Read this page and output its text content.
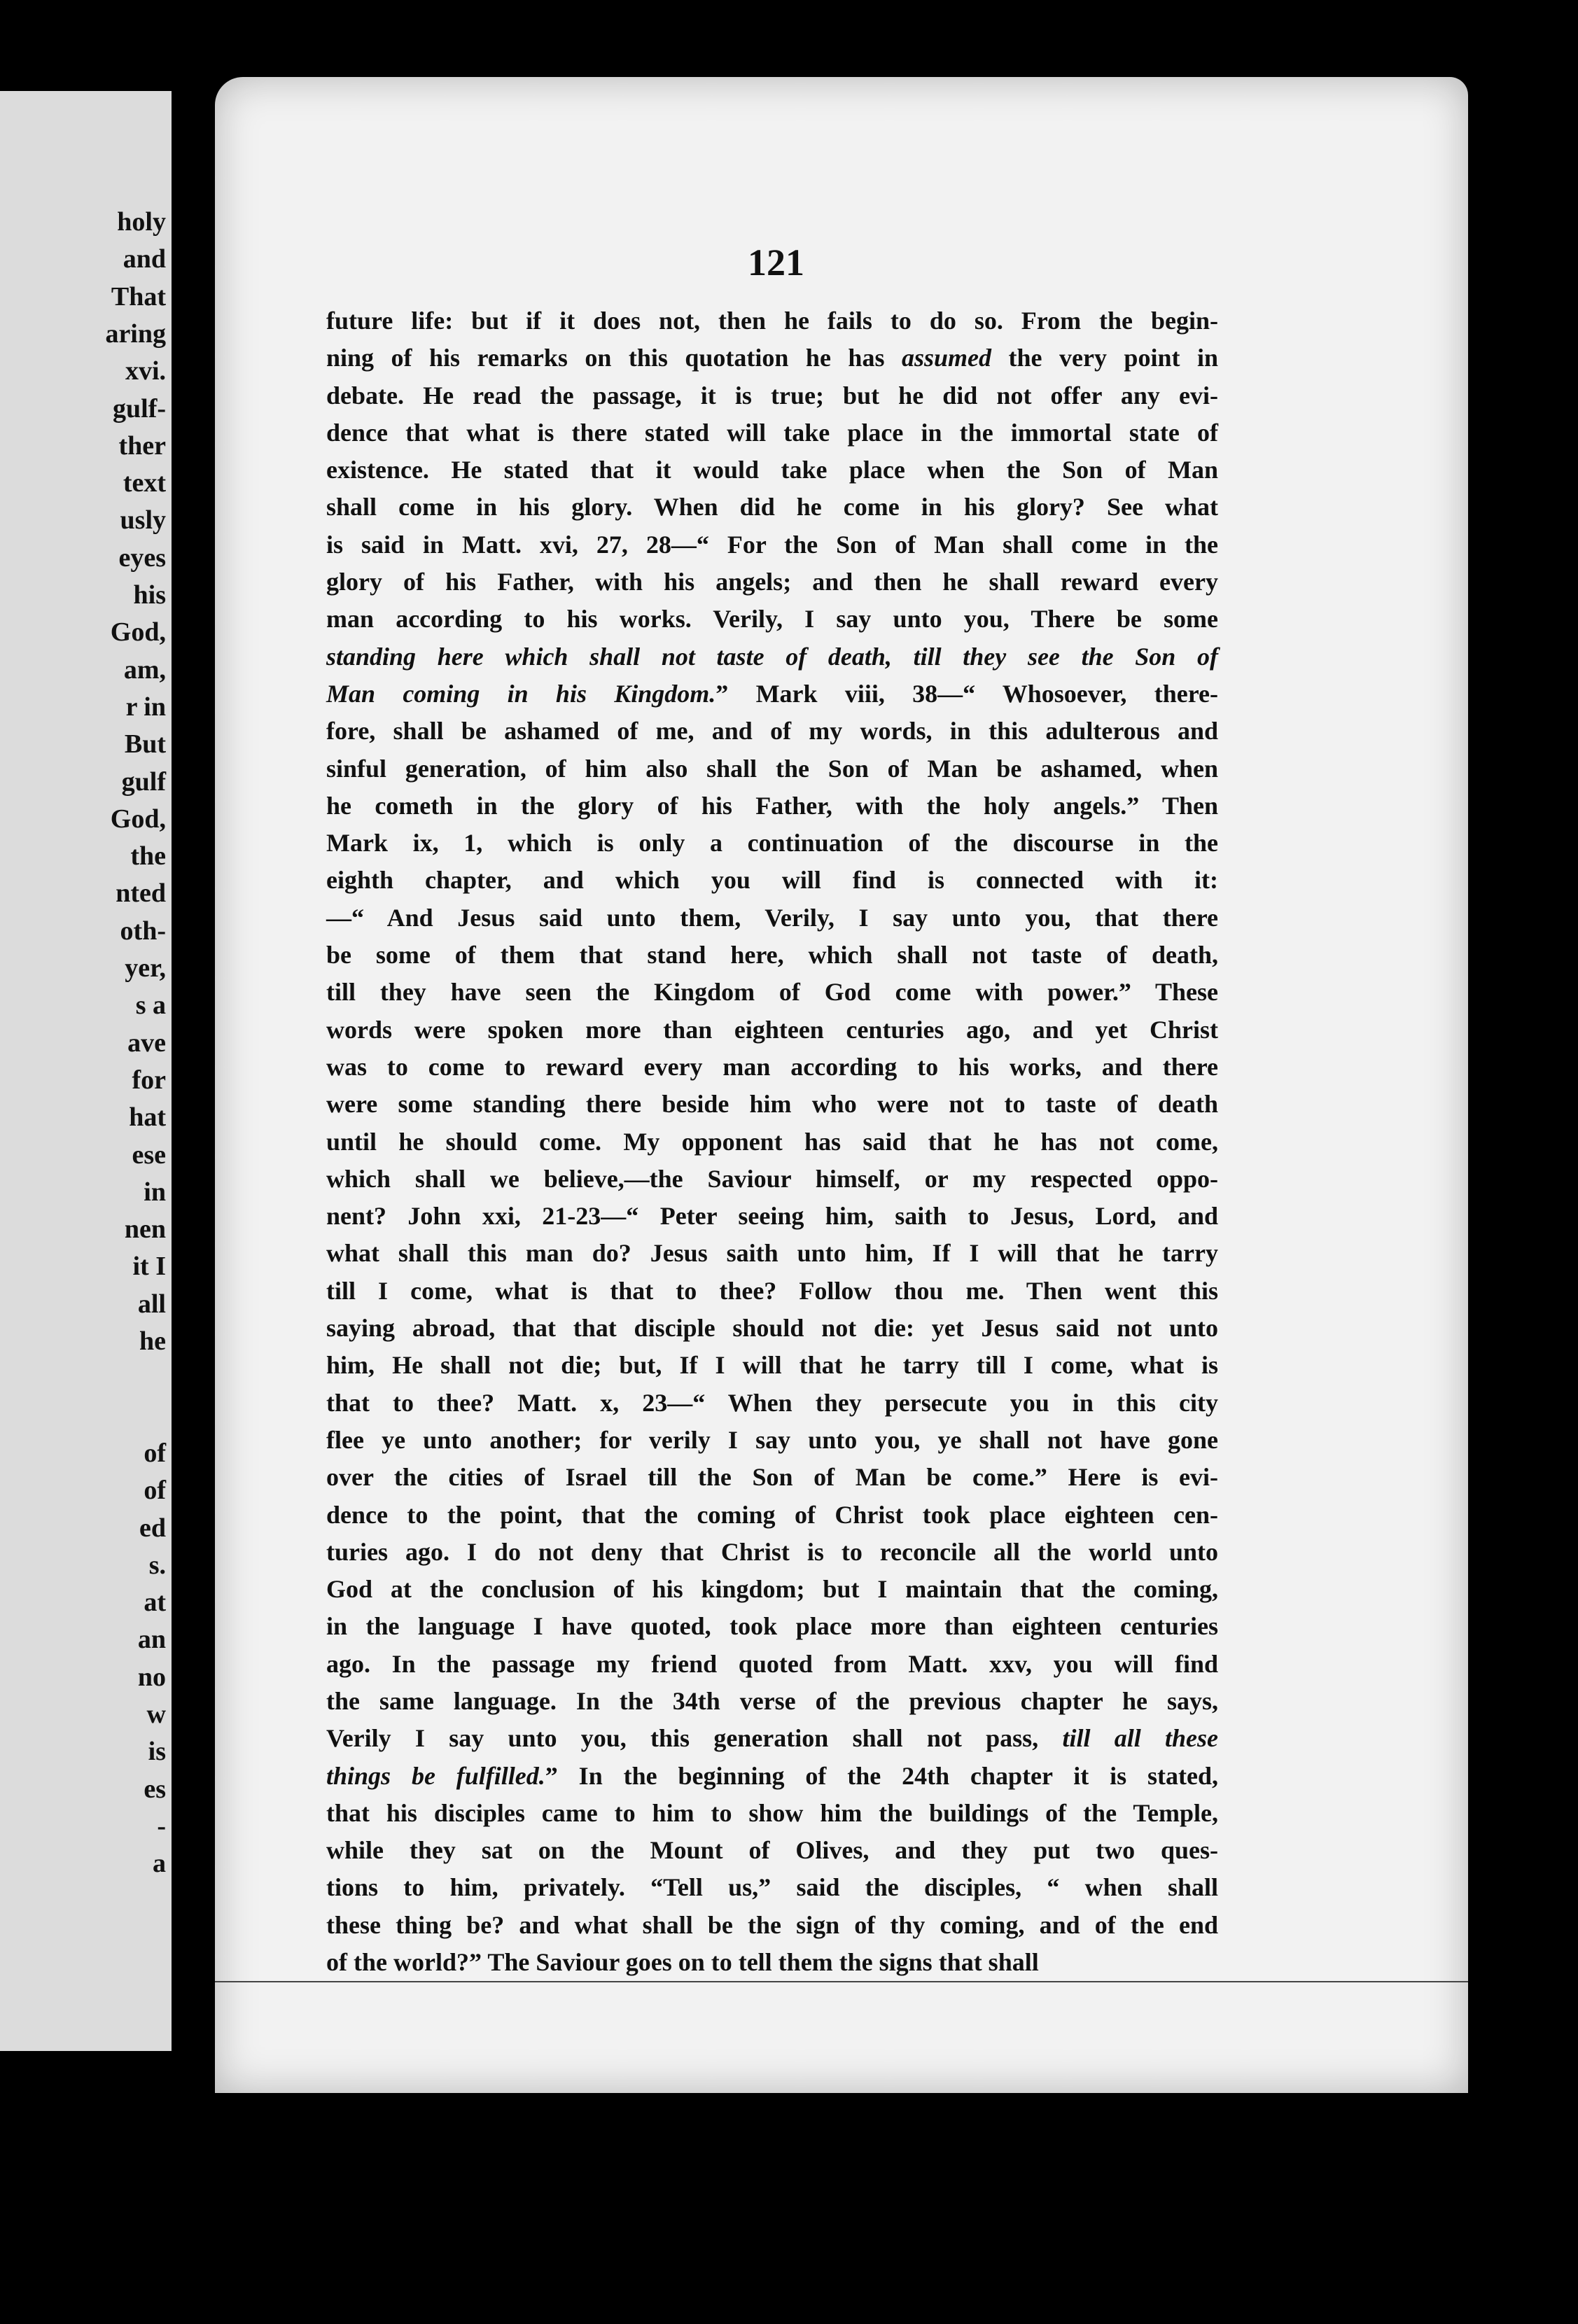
holy
and
That
aring
xvi.
gulf-
ther
text
usly
eyes
his
God,
am,
r in
But
gulf
God,
the
nted
oth-
yer,
s a
ave
for
hat
ese
in
nen
it I
all
he
of
of
ed
s.
at
an
no
w
is
es
-
a
121
future life: but if it does not, then he fails to do so. From the begin-
ning of his remarks on this quotation he has assumed the very point in
debate. He read the passage, it is true; but he did not offer any evi-
dence that what is there stated will take place in the immortal state of
existence. He stated that it would take place when the Son of Man
shall come in his glory. When did he come in his glory? See what
is said in Matt. xvi, 27, 28—“ For the Son of Man shall come in the
glory of his Father, with his angels; and then he shall reward every
man according to his works. Verily, I say unto you, There be some
standing here which shall not taste of death, till they see the Son of
Man coming in his Kingdom.” Mark viii, 38—“ Whosoever, there-
fore, shall be ashamed of me, and of my words, in this adulterous and
sinful generation, of him also shall the Son of Man be ashamed, when
he cometh in the glory of his Father, with the holy angels.” Then
Mark ix, 1, which is only a continuation of the discourse in the
eighth chapter, and which you will find is connected with it:
—“ And Jesus said unto them, Verily, I say unto you, that there
be some of them that stand here, which shall not taste of death,
till they have seen the Kingdom of God come with power.” These
words were spoken more than eighteen centuries ago, and yet Christ
was to come to reward every man according to his works, and there
were some standing there beside him who were not to taste of death
until he should come. My opponent has said that he has not come,
which shall we believe,—the Saviour himself, or my respected oppo-
nent? John xxi, 21-23—“ Peter seeing him, saith to Jesus, Lord, and
what shall this man do? Jesus saith unto him, If I will that he tarry
till I come, what is that to thee? Follow thou me. Then went this
saying abroad, that that disciple should not die: yet Jesus said not unto
him, He shall not die; but, If I will that he tarry till I come, what is
that to thee? Matt. x, 23—“ When they persecute you in this city
flee ye unto another; for verily I say unto you, ye shall not have gone
over the cities of Israel till the Son of Man be come.” Here is evi-
dence to the point, that the coming of Christ took place eighteen cen-
turies ago. I do not deny that Christ is to reconcile all the world unto
God at the conclusion of his kingdom; but I maintain that the coming,
in the language I have quoted, took place more than eighteen centuries
ago. In the passage my friend quoted from Matt. xxv, you will find
the same language. In the 34th verse of the previous chapter he says,
Verily I say unto you, this generation shall not pass, till all these
things be fulfilled.” In the beginning of the 24th chapter it is stated,
that his disciples came to him to show him the buildings of the Temple,
while they sat on the Mount of Olives, and they put two ques-
tions to him, privately. “Tell us,” said the disciples, “ when shall
these thing be? and what shall be the sign of thy coming, and of the end
of the world?” The Saviour goes on to tell them the signs that shall
